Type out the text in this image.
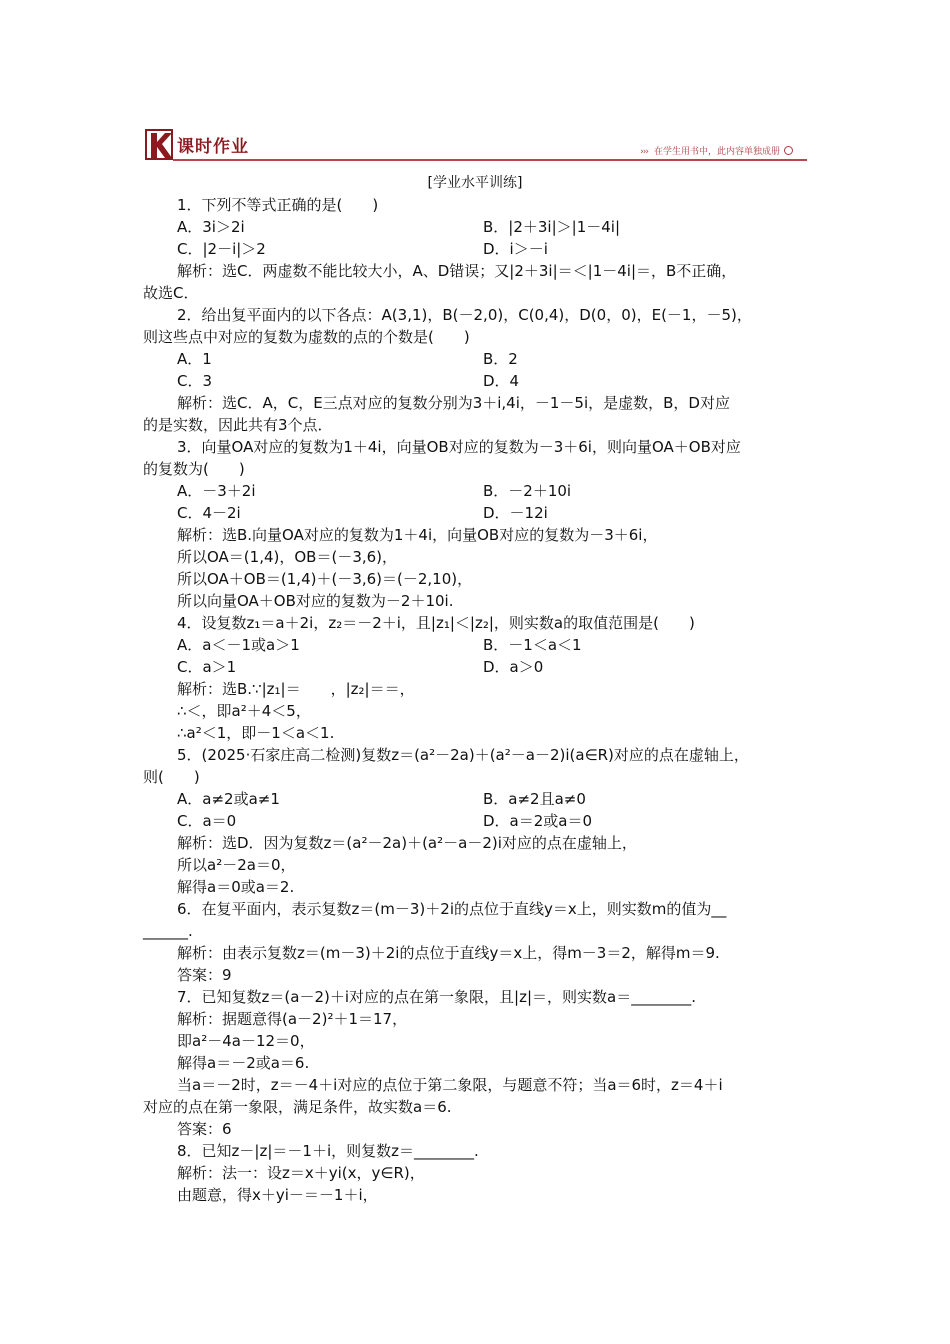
课时作业	››› 在学生用书中，此内容单独成册
[学业水平训练]
1．下列不等式正确的是(　　)
A．3i＞2i	B．|2＋3i|＞|1－4i|
C．|2－i|＞2	D．i＞－i
解析：选C．两虚数不能比较大小，A、D错误；又|2＋3i|＝＜|1－4i|＝，B不正确，
故选C．
2．给出复平面内的以下各点：A(3,1)，B(－2,0)，C(0,4)，D(0，0)，E(－1，－5)，
则这些点中对应的复数为虚数的点的个数是(　　)
A．1	B．2
C．3	D．4
解析：选C．A，C，E三点对应的复数分别为3＋i,4i，－1－5i，是虚数，B，D对应
的是实数，因此共有3个点．
3．向量OA对应的复数为1＋4i，向量OB对应的复数为－3＋6i，则向量OA＋OB对应
的复数为(　　)
A．－3＋2i	B．－2＋10i
C．4－2i	D．－12i
解析：选B.向量OA对应的复数为1＋4i，向量OB对应的复数为－3＋6i，
所以OA＝(1,4)，OB＝(－3,6)，
所以OA＋OB＝(1,4)＋(－3,6)＝(－2,10)，
所以向量OA＋OB对应的复数为－2＋10i.
4．设复数z₁＝a＋2i，z₂＝－2＋i，且|z₁|＜|z₂|，则实数a的取值范围是(　　)
A．a＜－1或a＞1	B．－1＜a＜1
C．a＞1	D．a＞0
解析：选B.∵|z₁|＝　　，|z₂|＝＝，
∴＜，即a²＋4＜5，
∴a²＜1，即－1＜a＜1.
5．(2025·石家庄高二检测)复数z＝(a²－2a)＋(a²－a－2)i(a∈R)对应的点在虚轴上，
则(　　)
A．a≠2或a≠1	B．a≠2且a≠0
C．a＝0	D．a＝2或a＝0
解析：选D．因为复数z＝(a²－2a)＋(a²－a－2)i对应的点在虚轴上，
所以a²－2a＝0，
解得a＝0或a＝2.
6．在复平面内，表示复数z＝(m－3)＋2i的点位于直线y＝x上，则实数m的值为__
______.
解析：由表示复数z＝(m－3)＋2i的点位于直线y＝x上，得m－3＝2，解得m＝9.
答案：9
7．已知复数z＝(a－2)＋i对应的点在第一象限，且|z|＝，则实数a＝________.
解析：据题意得(a－2)²＋1＝17，
即a²－4a－12＝0，
解得a＝－2或a＝6.
当a＝－2时，z＝－4＋i对应的点位于第二象限，与题意不符；当a＝6时，z＝4＋i
对应的点在第一象限，满足条件，故实数a＝6.
答案：6
8．已知z－|z|＝－1＋i，则复数z＝________.
解析：法一：设z＝x＋yi(x，y∈R)，
由题意，得x＋yi－＝－1＋i，
